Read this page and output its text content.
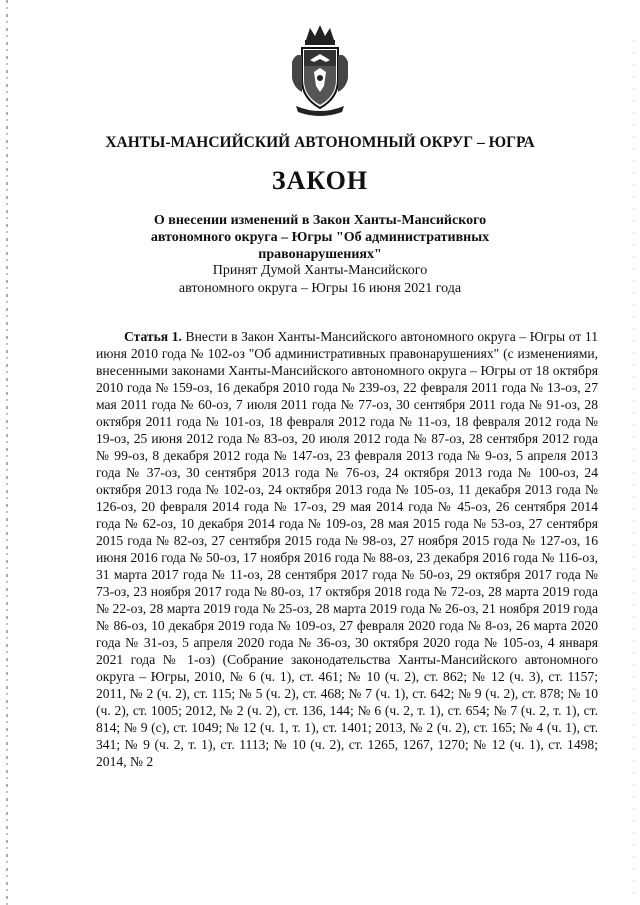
ХАНТЫ-МАНСИЙСКИЙ АВТОНОМНЫЙ ОКРУГ – ЮГРА
ЗАКОН
О внесении изменений в Закон Ханты-Мансийского автономного округа – Югры "Об административных правонарушениях"
Принят Думой Ханты-Мансийского
автономного округа – Югры 16 июня 2021 года
Статья 1. Внести в Закон Ханты-Мансийского автономного округа – Югры от 11 июня 2010 года № 102-оз "Об административных правонарушениях" (с изменениями, внесенными законами Ханты-Мансийского автономного округа – Югры от 18 октября 2010 года № 159-оз, 16 декабря 2010 года № 239-оз, 22 февраля 2011 года № 13-оз, 27 мая 2011 года № 60-оз, 7 июля 2011 года № 77-оз, 30 сентября 2011 года № 91-оз, 28 октября 2011 года № 101-оз, 18 февраля 2012 года № 11-оз, 18 февраля 2012 года № 19-оз, 25 июня 2012 года № 83-оз, 20 июля 2012 года № 87-оз, 28 сентября 2012 года № 99-оз, 8 декабря 2012 года № 147-оз, 23 февраля 2013 года № 9-оз, 5 апреля 2013 года № 37-оз, 30 сентября 2013 года № 76-оз, 24 октября 2013 года № 100-оз, 24 октября 2013 года № 102-оз, 24 октября 2013 года № 105-оз, 11 декабря 2013 года № 126-оз, 20 февраля 2014 года № 17-оз, 29 мая 2014 года № 45-оз, 26 сентября 2014 года № 62-оз, 10 декабря 2014 года № 109-оз, 28 мая 2015 года № 53-оз, 27 сентября 2015 года № 82-оз, 27 сентября 2015 года № 98-оз, 27 ноября 2015 года № 127-оз, 16 июня 2016 года № 50-оз, 17 ноября 2016 года № 88-оз, 23 декабря 2016 года № 116-оз, 31 марта 2017 года № 11-оз, 28 сентября 2017 года № 50-оз, 29 октября 2017 года № 73-оз, 23 ноября 2017 года № 80-оз, 17 октября 2018 года № 72-оз, 28 марта 2019 года № 22-оз, 28 марта 2019 года № 25-оз, 28 марта 2019 года № 26-оз, 21 ноября 2019 года № 86-оз, 10 декабря 2019 года № 109-оз, 27 февраля 2020 года № 8-оз, 26 марта 2020 года № 31-оз, 5 апреля 2020 года № 36-оз, 30 октября 2020 года № 105-оз, 4 января 2021 года № 1-оз) (Собрание законодательства Ханты-Мансийского автономного округа – Югры, 2010, № 6 (ч. 1), ст. 461; № 10 (ч. 2), ст. 862; № 12 (ч. 3), ст. 1157; 2011, № 2 (ч. 2), ст. 115; № 5 (ч. 2), ст. 468; № 7 (ч. 1), ст. 642; № 9 (ч. 2), ст. 878; № 10 (ч. 2), ст. 1005; 2012, № 2 (ч. 2), ст. 136, 144; № 6 (ч. 2, т. 1), ст. 654; № 7 (ч. 2, т. 1), ст. 814; № 9 (с), ст. 1049; № 12 (ч. 1, т. 1), ст. 1401; 2013, № 2 (ч. 2), ст. 165; № 4 (ч. 1), ст. 341; № 9 (ч. 2, т. 1), ст. 1113; № 10 (ч. 2), ст. 1265, 1267, 1270; № 12 (ч. 1), ст. 1498; 2014, № 2
